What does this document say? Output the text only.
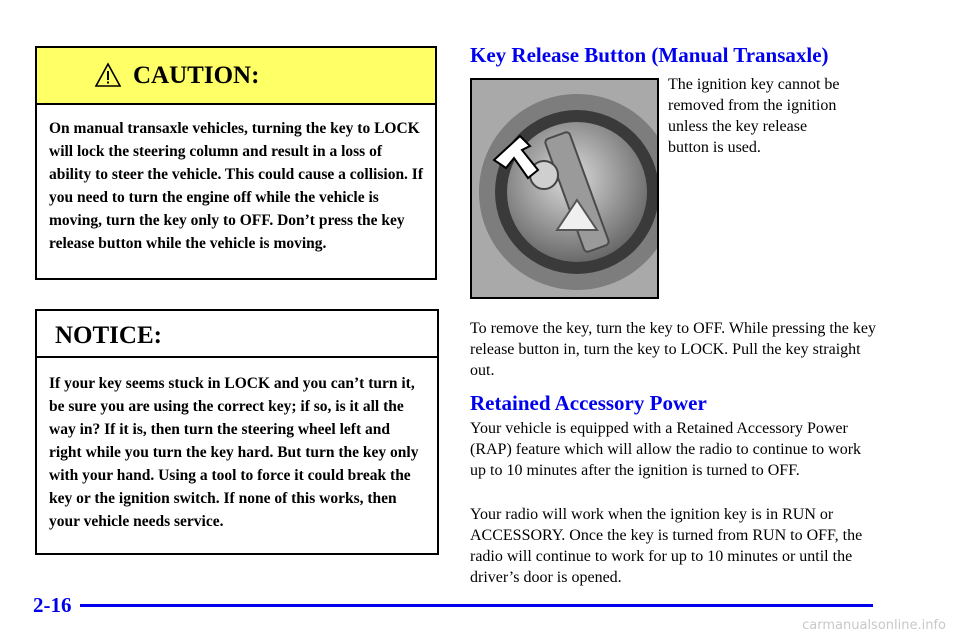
CAUTION:
On manual transaxle vehicles, turning the key to LOCK will lock the steering column and result in a loss of ability to steer the vehicle. This could cause a collision. If you need to turn the engine off while the vehicle is moving, turn the key only to OFF. Don’t press the key release button while the vehicle is moving.
NOTICE:
If your key seems stuck in LOCK and you can’t turn it, be sure you are using the correct key; if so, is it all the way in? If it is, then turn the steering wheel left and right while you turn the key hard. But turn the key only with your hand. Using a tool to force it could break the key or the ignition switch. If none of this works, then your vehicle needs service.
Key Release Button (Manual Transaxle)

The ignition key cannot be removed from the ignition unless the key release button is used.

To remove the key, turn the key to OFF. While pressing the key release button in, turn the key to LOCK. Pull the key straight out.

Retained Accessory Power

Your vehicle is equipped with a Retained Accessory Power (RAP) feature which will allow the radio to continue to work up to 10 minutes after the ignition is turned to OFF.

Your radio will work when the ignition key is in RUN or ACCESSORY. Once the key is turned from RUN to OFF, the radio will continue to work for up to 10 minutes or until the driver’s door is opened.

2-16
carmanualsonline.info
